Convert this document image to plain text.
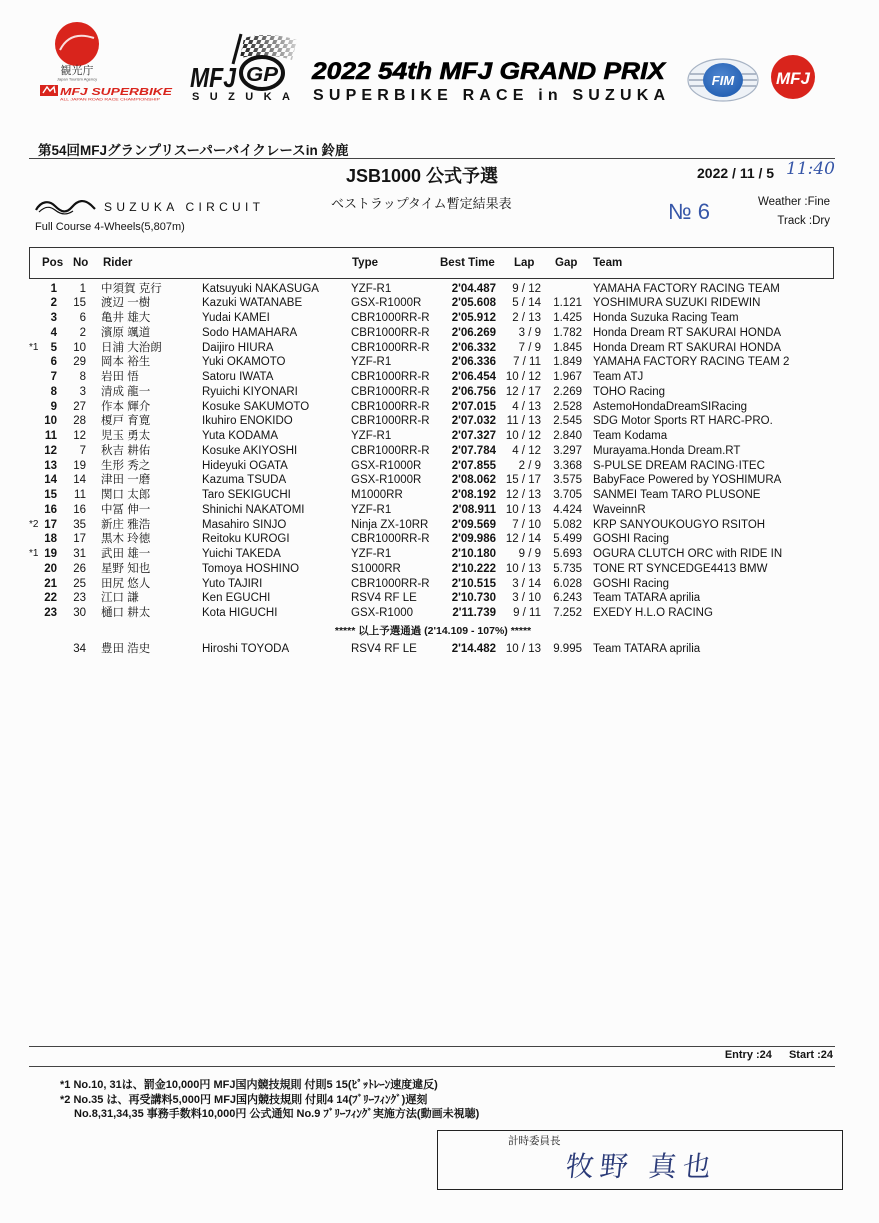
観光庁
Japan Tourism Agency
MFJ SUPERBIKE
ALL JAPAN ROAD RACE CHAMPIONSHIP
MFJ GP
SUZUKA
2022 54th MFJ GRAND PRIX
SUPERBIKE RACE in SUZUKA
FIM MFJ
第54回MFJグランプリスーパーバイクレースin 鈴鹿
JSB1000 公式予選	2022 / 11 / 5 11:40
SUZUKA CIRCUIT	ベストラップタイム暫定結果表	№ 6	Weather :Fine
Track :Dry
Full Course 4-Wheels(5,807m)
Pos No Rider	Type	Best Time Lap Gap Team
1	1 中須賀 克行	Katsuyuki NAKASUGA	YZF-R1	2'04.487	9 / 12	YAMAHA FACTORY RACING TEAM
2	15 渡辺 一樹	Kazuki WATANABE	GSX-R1000R	2'05.608	5 / 14	1.121 YOSHIMURA SUZUKI RIDEWIN
3	6 亀井 雄大	Yudai KAMEI	CBR1000RR-R	2'05.912	2 / 13	1.425 Honda Suzuka Racing Team
4	2 濱原 颯道	Sodo HAMAHARA	CBR1000RR-R	2'06.269	3 / 9	1.782 Honda Dream RT SAKURAI HONDA
*1	5	10 日浦 大治朗	Daijiro HIURA	CBR1000RR-R	2'06.332	7 / 9	1.845 Honda Dream RT SAKURAI HONDA
6	29 岡本 裕生	Yuki OKAMOTO	YZF-R1	2'06.336	7 / 11	1.849 YAMAHA FACTORY RACING TEAM 2
7	8 岩田 悟	Satoru IWATA	CBR1000RR-R	2'06.454 10 / 12	1.967 Team ATJ
8	3 清成 龍一	Ryuichi KIYONARI	CBR1000RR-R	2'06.756 12 / 17	2.269 TOHO Racing
9	27 作本 輝介	Kosuke SAKUMOTO	CBR1000RR-R	2'07.015	4 / 13	2.528 AstemoHondaDreamSIRacing
10	28 榎戸 育寛	Ikuhiro ENOKIDO	CBR1000RR-R	2'07.032 11 / 13	2.545 SDG Motor Sports RT HARC-PRO.
11	12 児玉 勇太	Yuta KODAMA	YZF-R1	2'07.327 10 / 12	2.840 Team Kodama
12	7 秋吉 耕佑	Kosuke AKIYOSHI	CBR1000RR-R	2'07.784	4 / 12	3.297 Murayama.Honda Dream.RT
13	19 生形 秀之	Hideyuki OGATA	GSX-R1000R	2'07.855	2 / 9	3.368 S-PULSE DREAM RACING·ITEC
14	14 津田 一磨	Kazuma TSUDA	GSX-R1000R	2'08.062 15 / 17	3.575 BabyFace Powered by YOSHIMURA
15	11 関口 太郎	Taro SEKIGUCHI	M1000RR	2'08.192 12 / 13	3.705 SANMEI Team TARO PLUSONE
16	16 中冨 伸一	Shinichi NAKATOMI	YZF-R1	2'08.911 10 / 13	4.424 WaveinnR
*2 17	35 新庄 雅浩	Masahiro SINJO	Ninja ZX-10RR	2'09.569	7 / 10	5.082 KRP SANYOUKOUGYO RSITOH
18	17 黒木 玲徳	Reitoku KUROGI	CBR1000RR-R	2'09.986 12 / 14	5.499 GOSHI Racing
*1 19	31 武田 雄一	Yuichi TAKEDA	YZF-R1	2'10.180	9 / 9	5.693 OGURA CLUTCH ORC with RIDE IN
20	26 星野 知也	Tomoya HOSHINO	S1000RR	2'10.222 10 / 13	5.735 TONE RT SYNCEDGE4413 BMW
21	25 田尻 悠人	Yuto TAJIRI	CBR1000RR-R	2'10.515	3 / 14	6.028 GOSHI Racing
22	23 江口 謙	Ken EGUCHI	RSV4 RF LE	2'10.730	3 / 10	6.243 Team TATARA aprilia
23	30 樋口 耕太	Kota HIGUCHI	GSX-R1000	2'11.739	9 / 11	7.252 EXEDY H.L.O RACING
***** 以上予選通過 (2'14.109 - 107%) *****
34 豊田 浩史	Hiroshi TOYODA	RSV4 RF LE	2'14.482 10 / 13	9.995 Team TATARA aprilia
Entry :24 Start :24
*1 No.10, 31は、罰金10,000円 MFJ国内競技規則 付則5 15(ﾋﾟｯﾄﾚｰﾝ速度違反)
*2 No.35 は、再受講料5,000円 MFJ国内競技規則 付則4 14(ﾌﾞﾘｰﾌｨﾝｸﾞ)遅刻
No.8,31,34,35 事務手数料10,000円 公式通知 No.9 ﾌﾞﾘｰﾌｨﾝｸﾞ実施方法(動画未視聴)
計時委員長
牧野 真也
